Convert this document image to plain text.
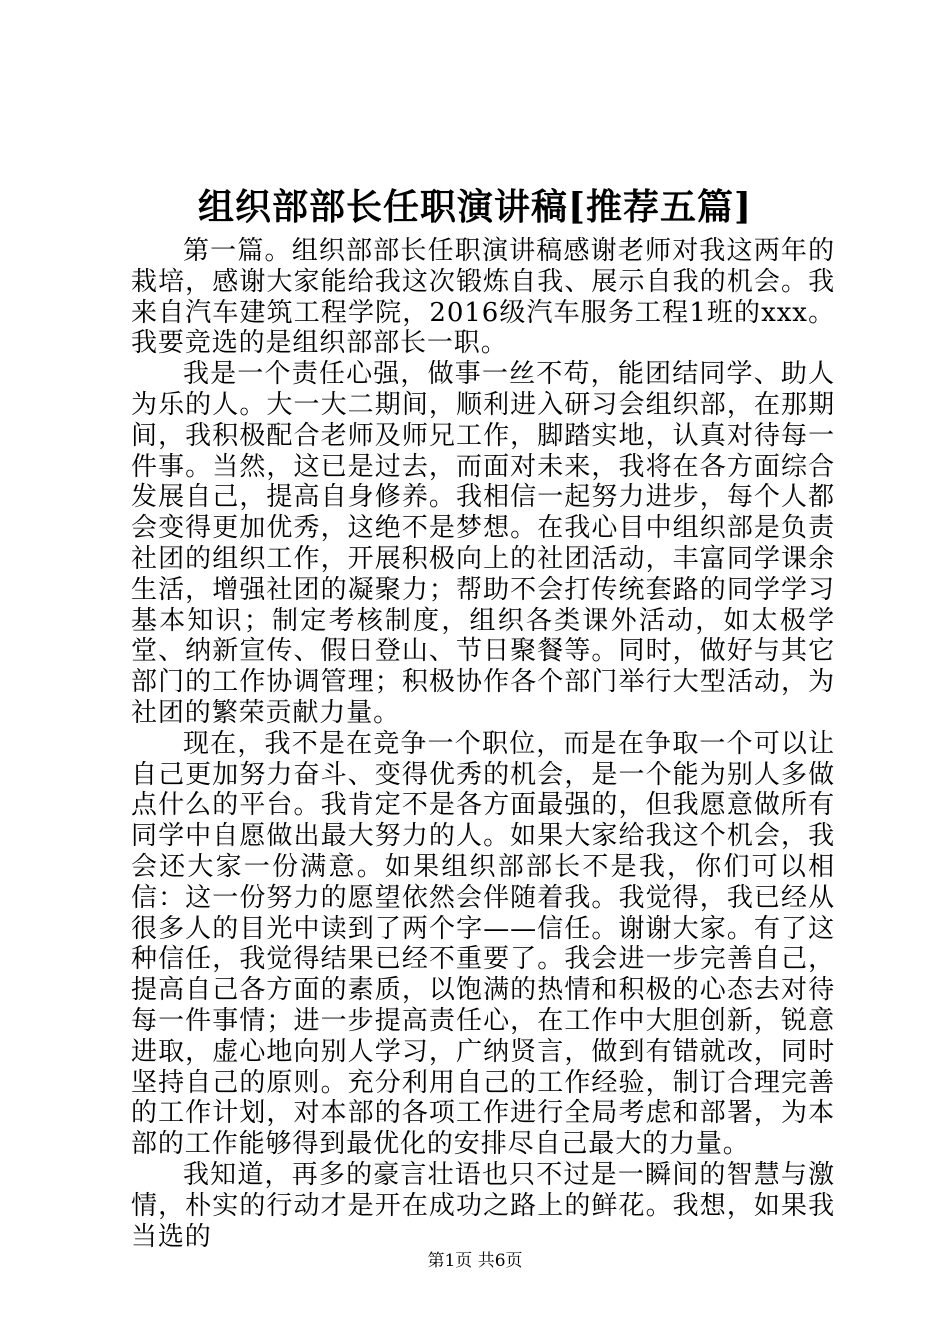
组织部部长任职演讲稿[推荐五篇]

第一篇。组织部部长任职演讲稿感谢老师对我这两年的栽培，感谢大家能给我这次锻炼自我、展示自我的机会。我来自汽车建筑工程学院，2016级汽车服务工程1班的xxx。我要竞选的是组织部部长一职。

我是一个责任心强，做事一丝不苟，能团结同学、助人为乐的人。大一大二期间，顺利进入研习会组织部，在那期间，我积极配合老师及师兄工作，脚踏实地，认真对待每一件事。当然，这已是过去，而面对未来，我将在各方面综合发展自己，提高自身修养。我相信一起努力进步，每个人都会变得更加优秀，这绝不是梦想。在我心目中组织部是负责社团的组织工作，开展积极向上的社团活动，丰富同学课余生活，增强社团的凝聚力；帮助不会打传统套路的同学学习基本知识；制定考核制度，组织各类课外活动，如太极学堂、纳新宣传、假日登山、节日聚餐等。同时，做好与其它部门的工作协调管理；积极协作各个部门举行大型活动，为社团的繁荣贡献力量。

现在，我不是在竞争一个职位，而是在争取一个可以让自己更加努力奋斗、变得优秀的机会，是一个能为别人多做点什么的平台。我肯定不是各方面最强的，但我愿意做所有同学中自愿做出最大努力的人。如果大家给我这个机会，我会还大家一份满意。如果组织部部长不是我，你们可以相信：这一份努力的愿望依然会伴随着我。我觉得，我已经从很多人的目光中读到了两个字——信任。谢谢大家。有了这种信任，我觉得结果已经不重要了。我会进一步完善自己，提高自己各方面的素质，以饱满的热情和积极的心态去对待每一件事情；进一步提高责任心，在工作中大胆创新，锐意进取，虚心地向别人学习，广纳贤言，做到有错就改，同时坚持自己的原则。充分利用自己的工作经验，制订合理完善的工作计划，对本部的各项工作进行全局考虑和部署，为本部的工作能够得到最优化的安排尽自己最大的力量。

我知道，再多的豪言壮语也只不过是一瞬间的智慧与激情，朴实的行动才是开在成功之路上的鲜花。我想，如果我当选的

第1页 共6页
